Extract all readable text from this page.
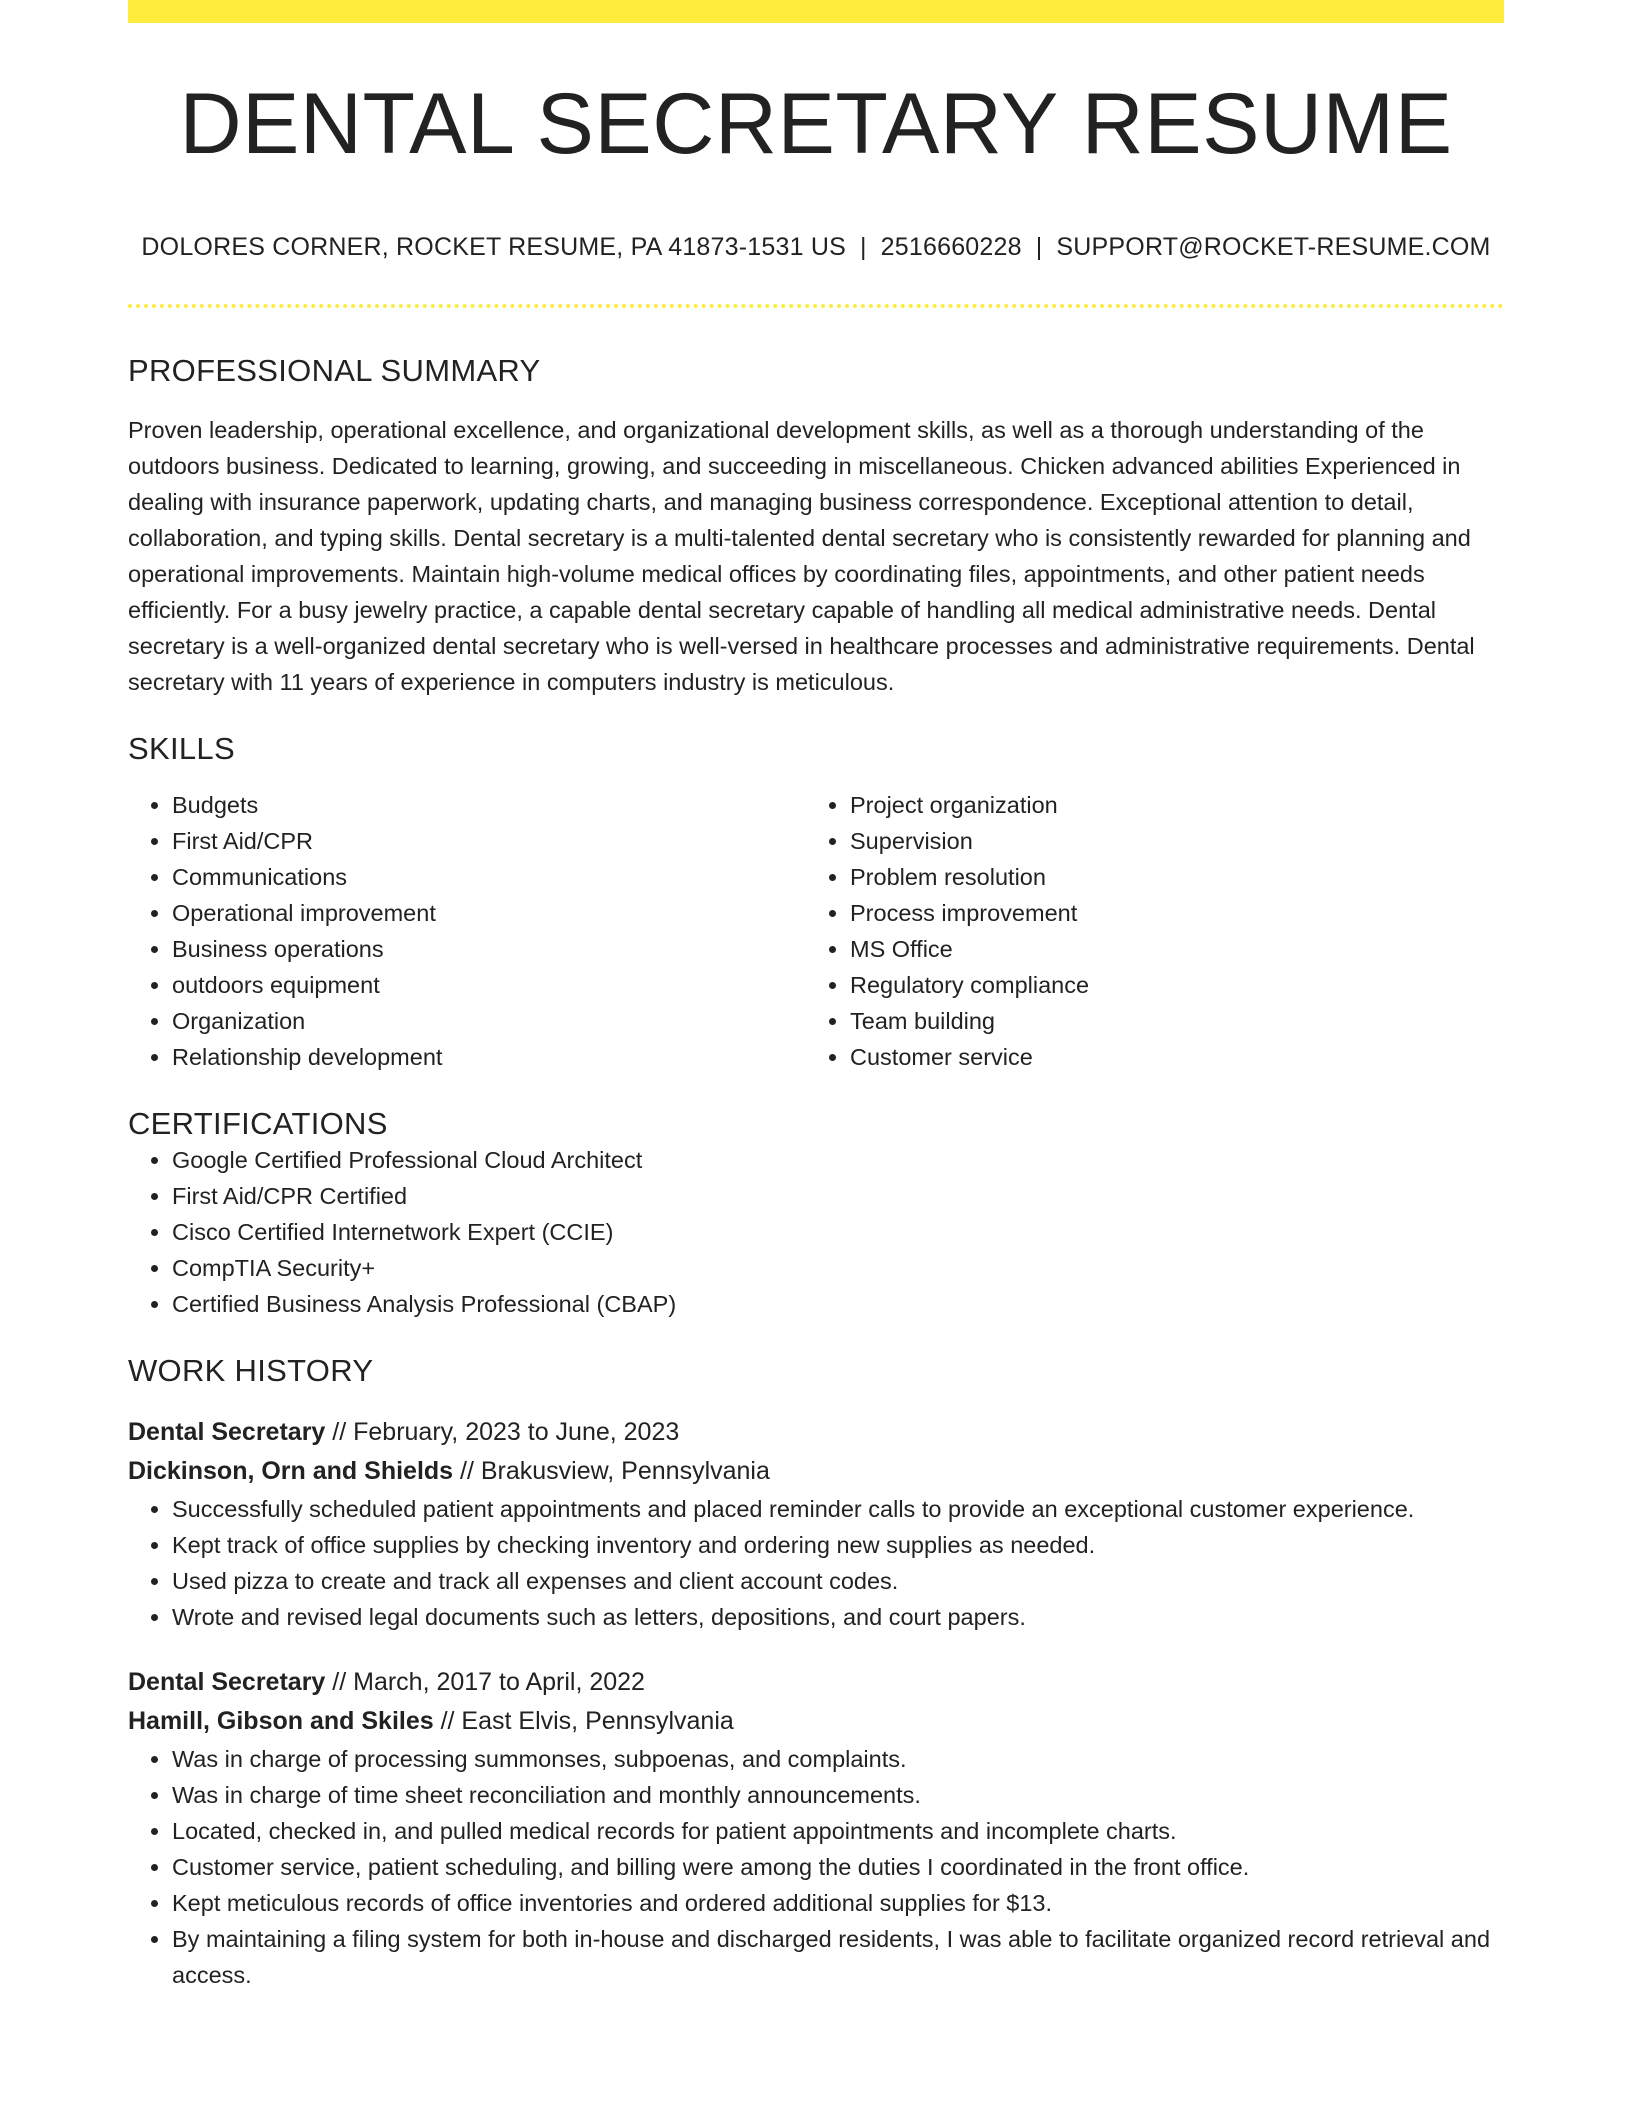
DENTAL SECRETARY RESUME
DOLORES CORNER, ROCKET RESUME, PA 41873-1531 US | 2516660228 | SUPPORT@ROCKET-RESUME.COM
PROFESSIONAL SUMMARY

Proven leadership, operational excellence, and organizational development skills, as well as a thorough understanding of the outdoors business. Dedicated to learning, growing, and succeeding in miscellaneous. Chicken advanced abilities Experienced in dealing with insurance paperwork, updating charts, and managing business correspondence. Exceptional attention to detail, collaboration, and typing skills. Dental secretary is a multi-talented dental secretary who is consistently rewarded for planning and operational improvements. Maintain high-volume medical offices by coordinating files, appointments, and other patient needs efficiently. For a busy jewelry practice, a capable dental secretary capable of handling all medical administrative needs. Dental secretary is a well-organized dental secretary who is well-versed in healthcare processes and administrative requirements. Dental secretary with 11 years of experience in computers industry is meticulous.

SKILLS
• Budgets
• First Aid/CPR
• Communications
• Operational improvement
• Business operations
• outdoors equipment
• Organization
• Relationship development
• Project organization
• Supervision
• Problem resolution
• Process improvement
• MS Office
• Regulatory compliance
• Team building
• Customer service
CERTIFICATIONS
• Google Certified Professional Cloud Architect
• First Aid/CPR Certified
• Cisco Certified Internetwork Expert (CCIE)
• CompTIA Security+
• Certified Business Analysis Professional (CBAP)
WORK HISTORY
Dental Secretary // February, 2023 to June, 2023
Dickinson, Orn and Shields // Brakusview, Pennsylvania
• Successfully scheduled patient appointments and placed reminder calls to provide an exceptional customer experience.
• Kept track of office supplies by checking inventory and ordering new supplies as needed.
• Used pizza to create and track all expenses and client account codes.
• Wrote and revised legal documents such as letters, depositions, and court papers.
Dental Secretary // March, 2017 to April, 2022
Hamill, Gibson and Skiles // East Elvis, Pennsylvania
• Was in charge of processing summonses, subpoenas, and complaints.
• Was in charge of time sheet reconciliation and monthly announcements.
• Located, checked in, and pulled medical records for patient appointments and incomplete charts.
• Customer service, patient scheduling, and billing were among the duties I coordinated in the front office.
• Kept meticulous records of office inventories and ordered additional supplies for $13.
• By maintaining a filing system for both in-house and discharged residents, I was able to facilitate organized record retrieval and access.
